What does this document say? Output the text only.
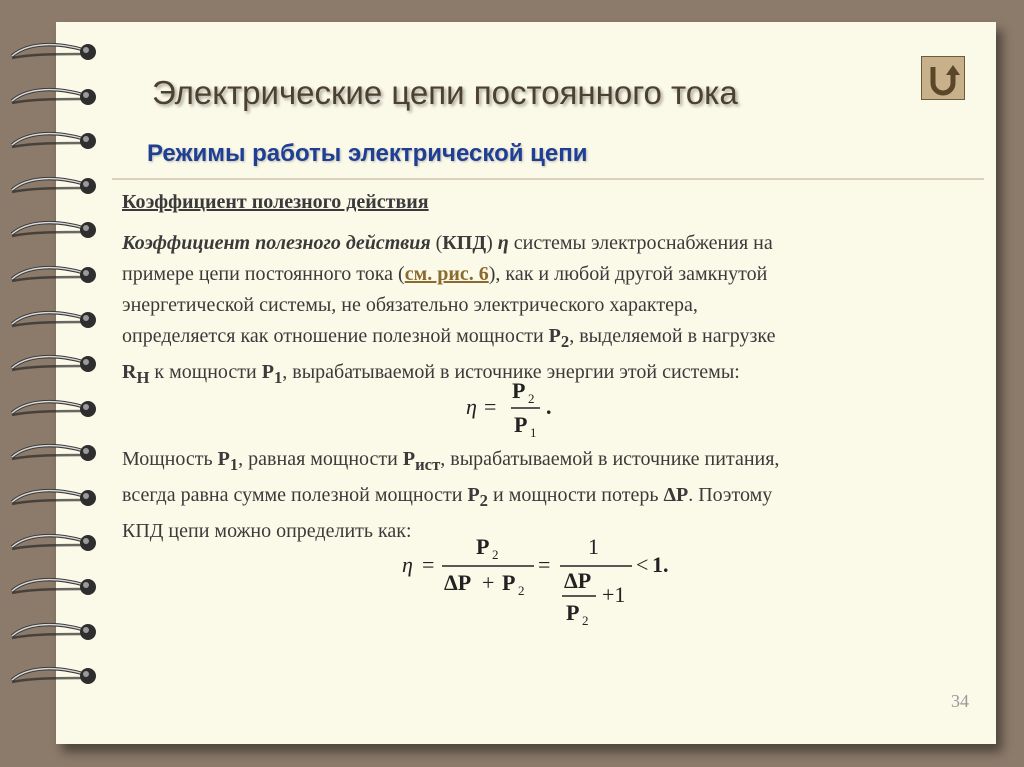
Электрические цепи постоянного тока
Режимы работы электрической цепи
Коэффициент полезного действия
Коэффициент полезного действия (КПД) η системы электроснабжения на
примере цепи постоянного тока (см. рис. 6), как и любой другой замкнутой
энергетической системы, не обязательно электрического характера,
определяется как отношение полезной мощности $P_2$, выделяемой в нагрузке
$R_Н$ к мощности $P_1$, вырабатываемой в источнике энергии этой системы:
η =
P 2
P 1
.
Мощность $P_1$, равная мощности $P_{ист}$, вырабатываемой в источнике питания,
всегда равна сумме полезной мощности $P_2$ и мощности потерь ΔP. Поэтому
КПД цепи можно определить как:
η =
P 2
ΔP + P 2
=
1
ΔP
P 2
+1
< 1.
34
